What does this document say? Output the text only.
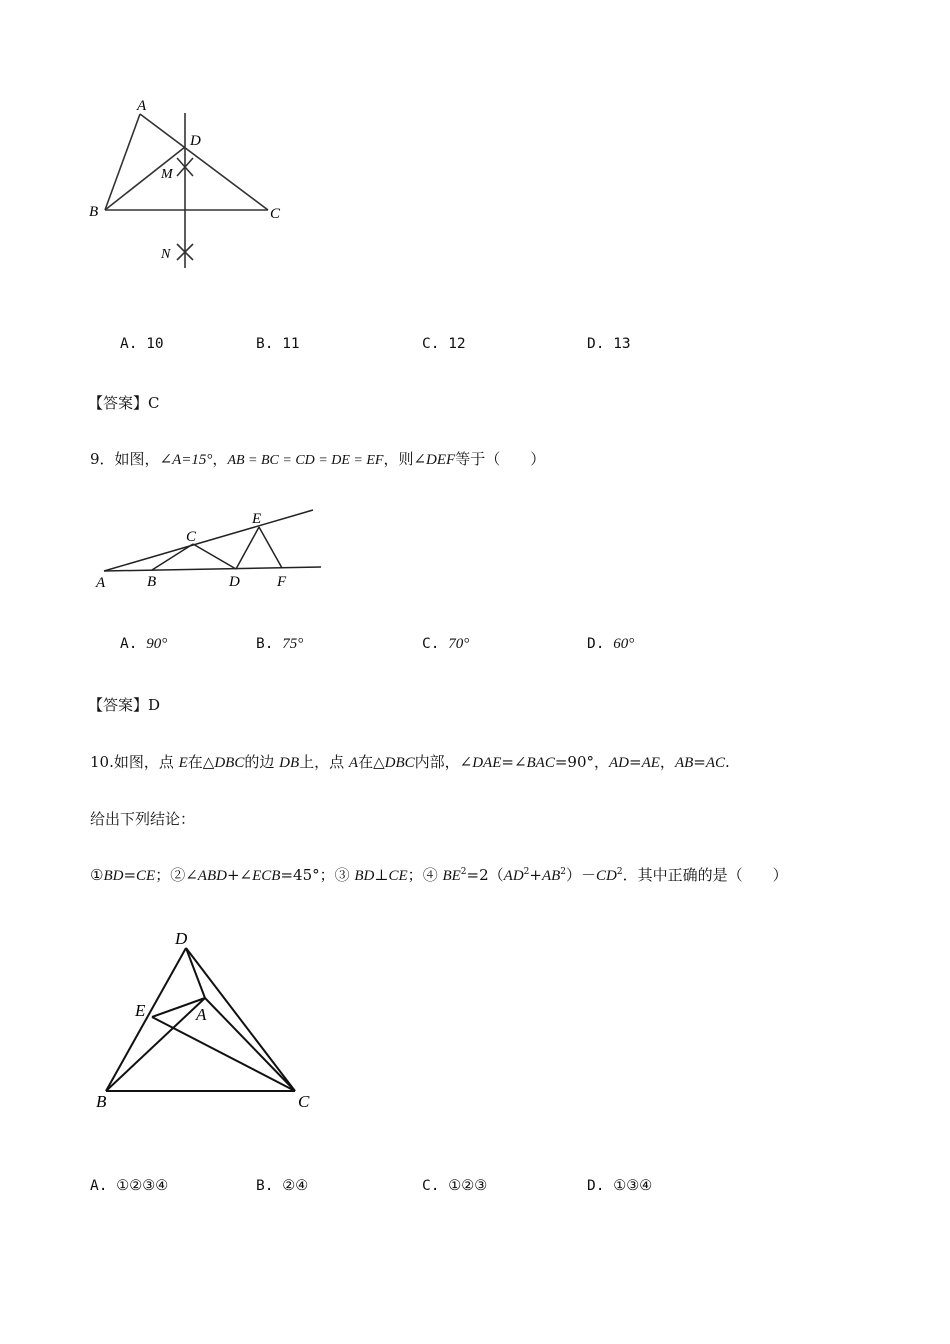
A
D
M
B	C
N
A. 10	B. 11	C. 12	D. 13
【答案】C
9．如图，∠A=15°，AB = BC = CD = DE = EF，则∠DEF等于（　　）
A	B
C
D
E
F
A. 90°	B. 75°	C. 70°	D. 60°
【答案】D
10.如图，点 E在△DBC的边 DB上，点 A在△DBC内部，∠DAE=∠BAC=90°，AD=AE，AB=AC.
给出下列结论：
①BD=CE；②∠ABD+∠ECB=45°；③ BD⊥CE；④ $BE^2=2(AD^2+AB^2)-CD^2$．其中正确的是（　　）
D
E	A
B	C
A. ①②③④	B. ②④	C. ①②③	D. ①③④
